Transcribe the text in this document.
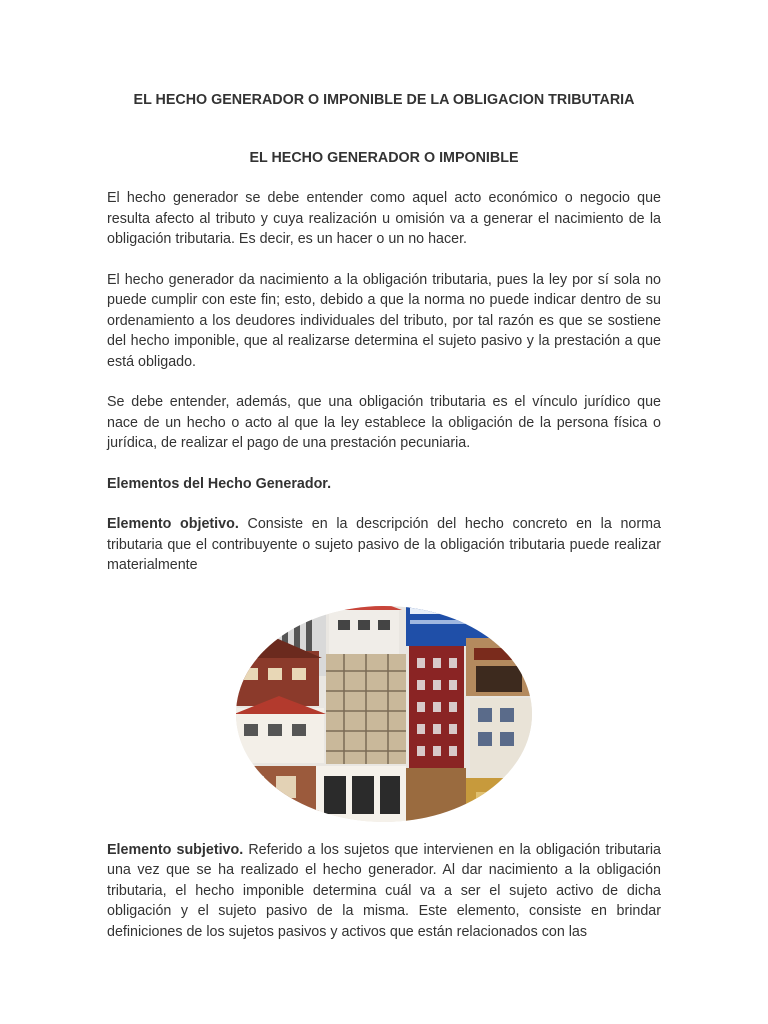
EL HECHO GENERADOR O IMPONIBLE DE LA OBLIGACION TRIBUTARIA
EL HECHO GENERADOR O IMPONIBLE

El hecho generador se debe entender como aquel acto económico o negocio que resulta afecto al tributo y cuya realización u omisión va a generar el nacimiento de la obligación tributaria. Es decir, es un hacer o un no hacer.

El hecho generador da nacimiento a la obligación tributaria, pues la ley por sí sola no puede cumplir con este fin; esto, debido a que la norma no puede indicar dentro de su ordenamiento a los deudores individuales del tributo, por tal razón es que se sostiene del hecho imponible, que al realizarse determina el sujeto pasivo y la prestación a que está obligado.

Se debe entender, además, que una obligación tributaria es el vínculo jurídico que nace de un hecho o acto al que la ley establece la obligación de la persona física o jurídica, de realizar el pago de una prestación pecuniaria.

Elementos del Hecho Generador.

Elemento objetivo. Consiste en la descripción del hecho concreto en la norma tributaria que el contribuyente o sujeto pasivo de la obligación tributaria puede realizar materialmente

Elemento subjetivo. Referido a los sujetos que intervienen en la obligación tributaria una vez que se ha realizado el hecho generador. Al dar nacimiento a la obligación tributaria, el hecho imponible determina cuál va a ser el sujeto activo de dicha obligación y el sujeto pasivo de la misma. Este elemento, consiste en brindar definiciones de los sujetos pasivos y activos que están relacionados con las
